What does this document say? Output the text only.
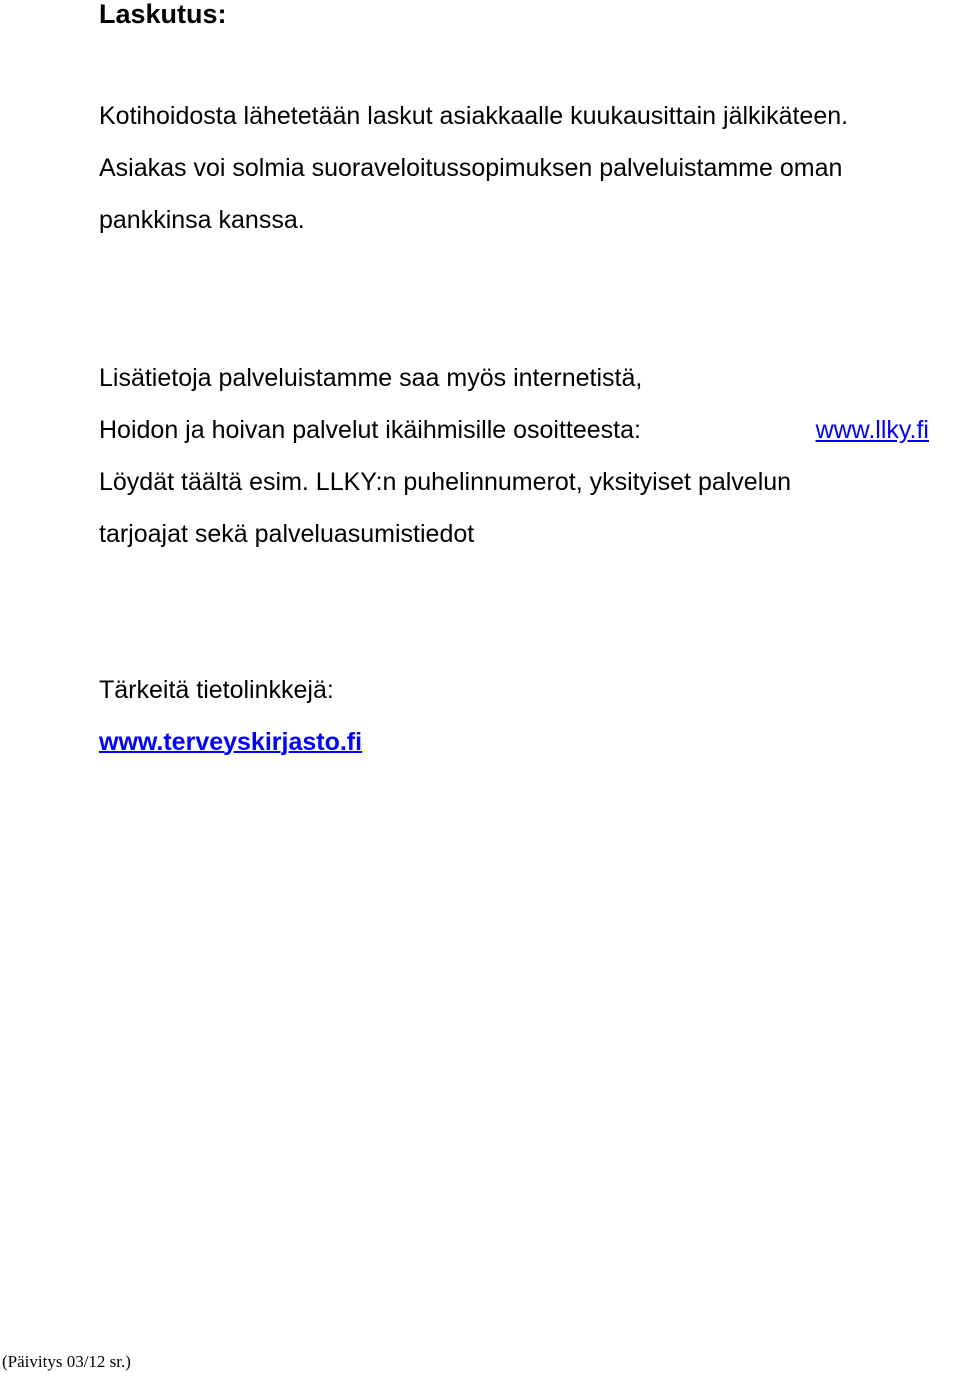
Laskutus:
Kotihoidosta lähetetään laskut asiakkaalle kuukausittain jälkikäteen.
Asiakas voi solmia suoraveloitussopimuksen palveluistamme oman
pankkinsa kanssa.
Lisätietoja palveluistamme saa myös internetistä,
Hoidon ja hoivan palvelut ikäihmisille osoitteesta:	www.llky.fi
Löydät täältä esim. LLKY:n puhelinnumerot, yksityiset palvelun
tarjoajat sekä palveluasumistiedot
Tärkeitä tietolinkkejä:
www.terveyskirjasto.fi
(Päivitys 03/12 sr.)
